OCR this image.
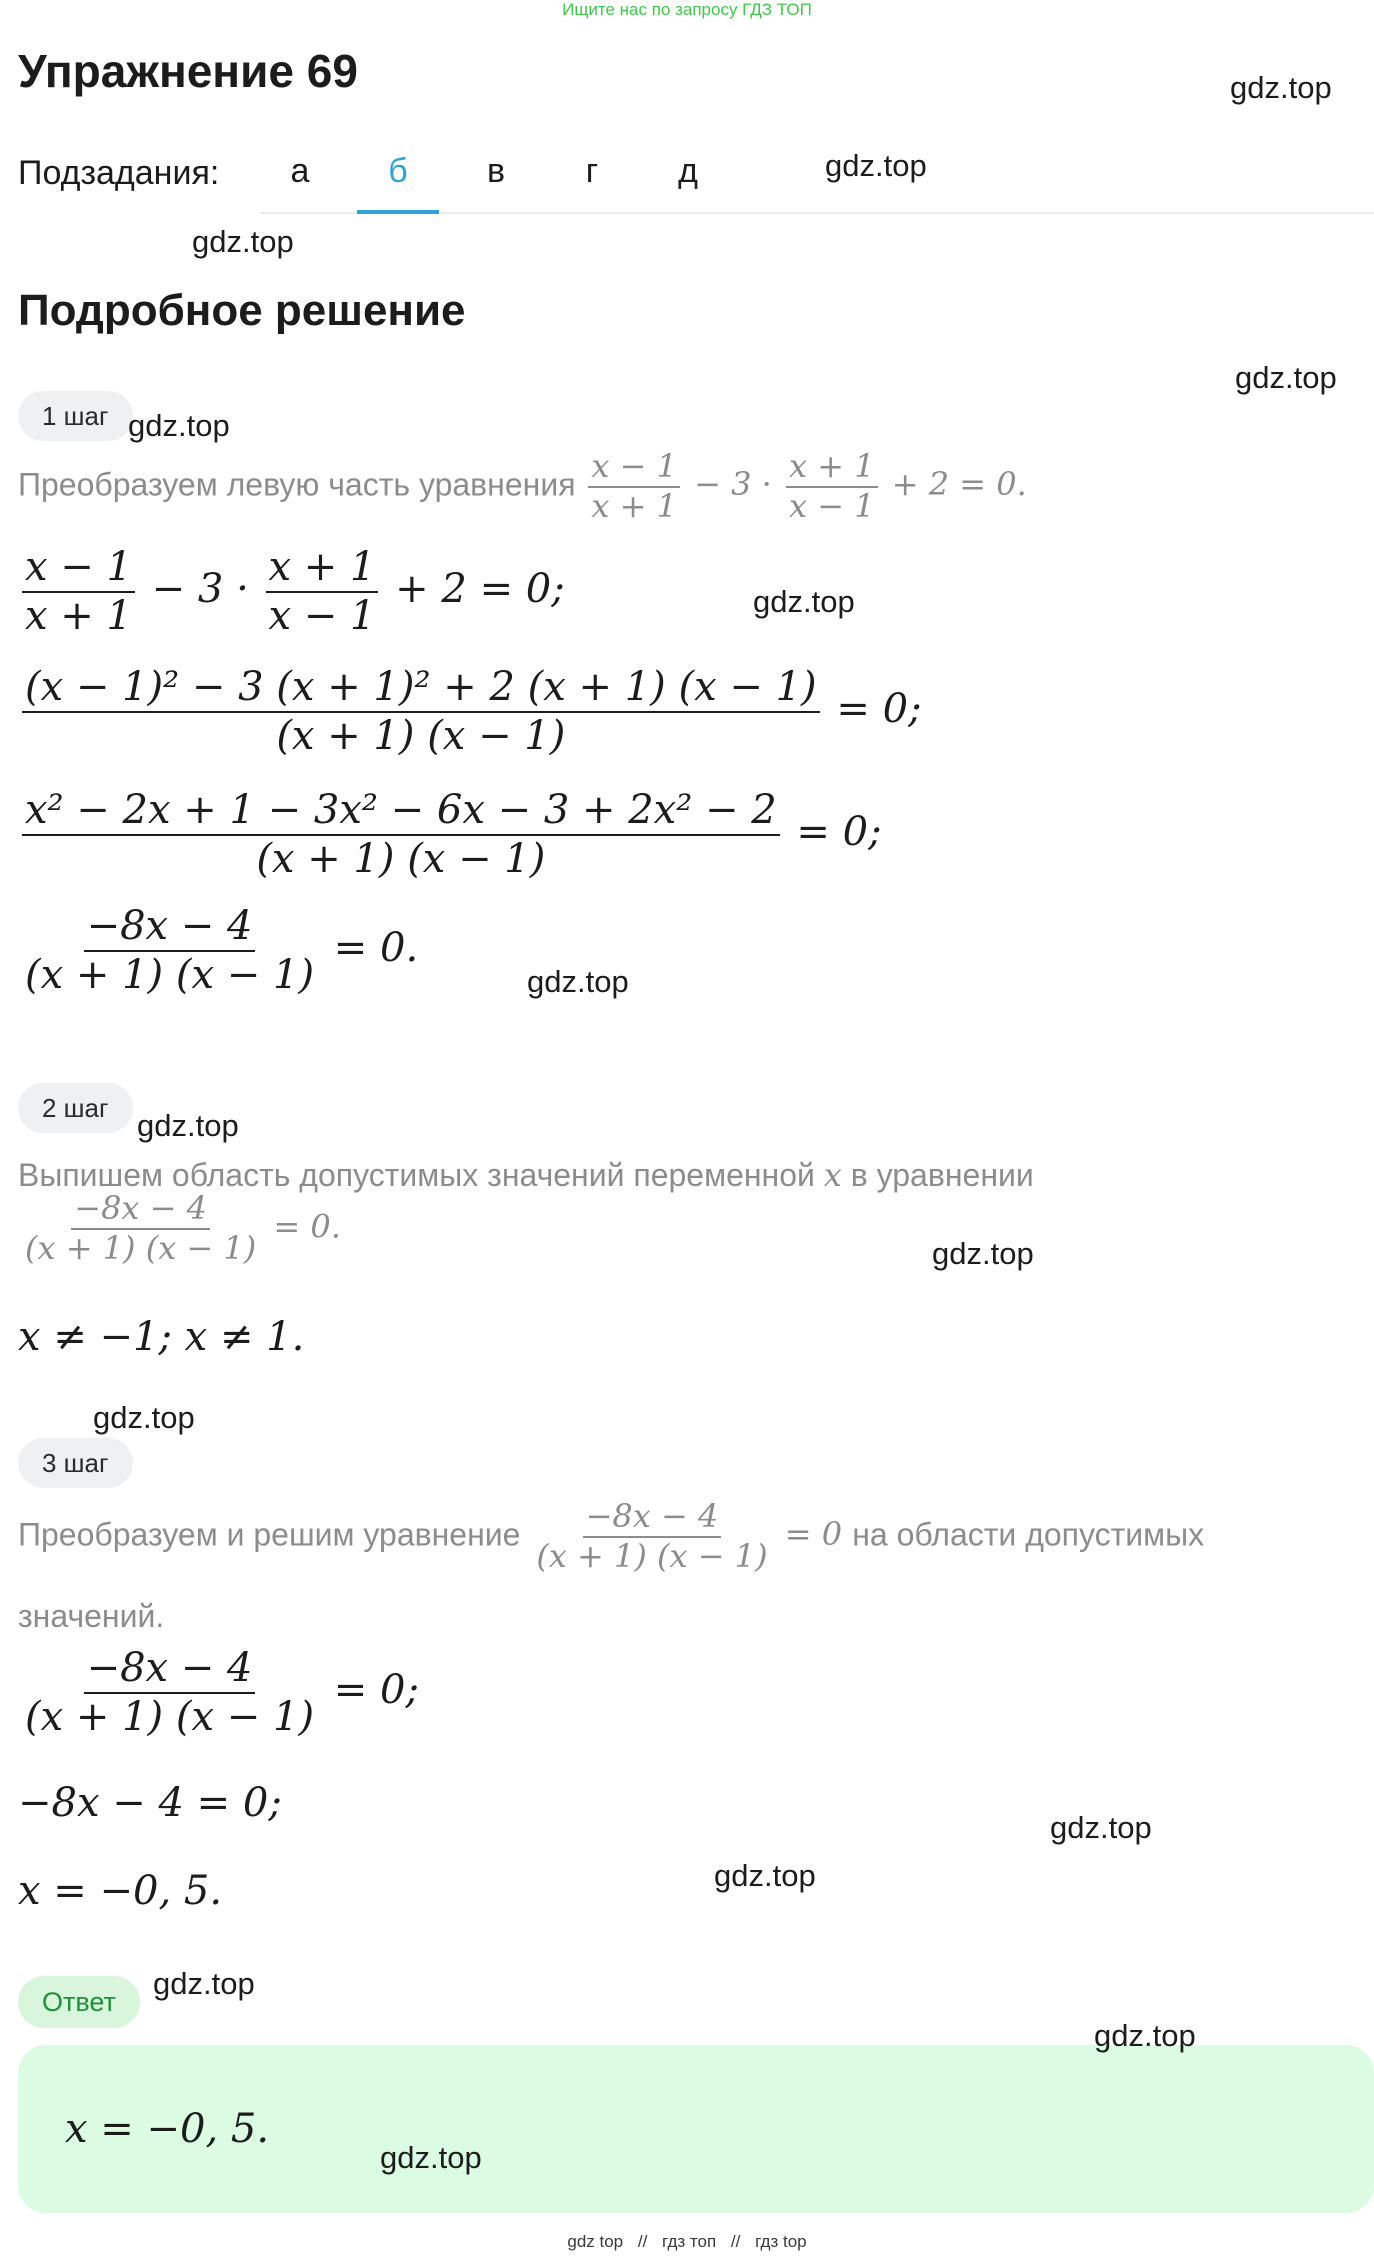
Ищите нас по запросу ГДЗ ТОП
Упражнение 69	gdz.top
Подзадания:	а	б	в	г	д	gdz.top
gdz.top
Подробное решение
gdz.top
1 шаг gdz.top
Преобразуем левую часть уравнения $\frac{x - 1}{x + 1} - 3 \cdot \frac{x + 1}{x - 1} + 2 = 0$.
$\frac{x - 1}{x + 1} - 3 \cdot \frac{x + 1}{x - 1} + 2 = 0$;	gdz.top
$\frac{\text{(x − 1)² − 3 (x + 1)² + 2 (x + 1) (x − 1)}}{(x + 1) (x - 1)} = 0$;
$\frac{\text{x² − 2x + 1 − 3x² − 6x − 3 + 2x² − 2}}{(x + 1) (x - 1)} = 0$;
$\frac{-8x - 4}{(x + 1) (x - 1)} = 0$.
gdz.top
2 шаг gdz.top
Выпишем область допустимых значений переменной x в уравнении
$\frac{-8x - 4}{(x + 1) (x - 1)} = 0$.
gdz.top
x ≠ −1; x ≠ 1.
gdz.top
3 шаг
Преобразуем и решим уравнение $\frac{-8x - 4}{(x + 1) (x - 1)} = 0$ на области допустимых
значений.
$\frac{-8x - 4}{(x + 1) (x - 1)} = 0$;
−8x − 4 = 0;
gdz.top
gdz.top
x = −0, 5.
Ответ
gdz.top
gdz.top
x = −0, 5.
gdz.top
gdz top // гдз топ // гдз top
